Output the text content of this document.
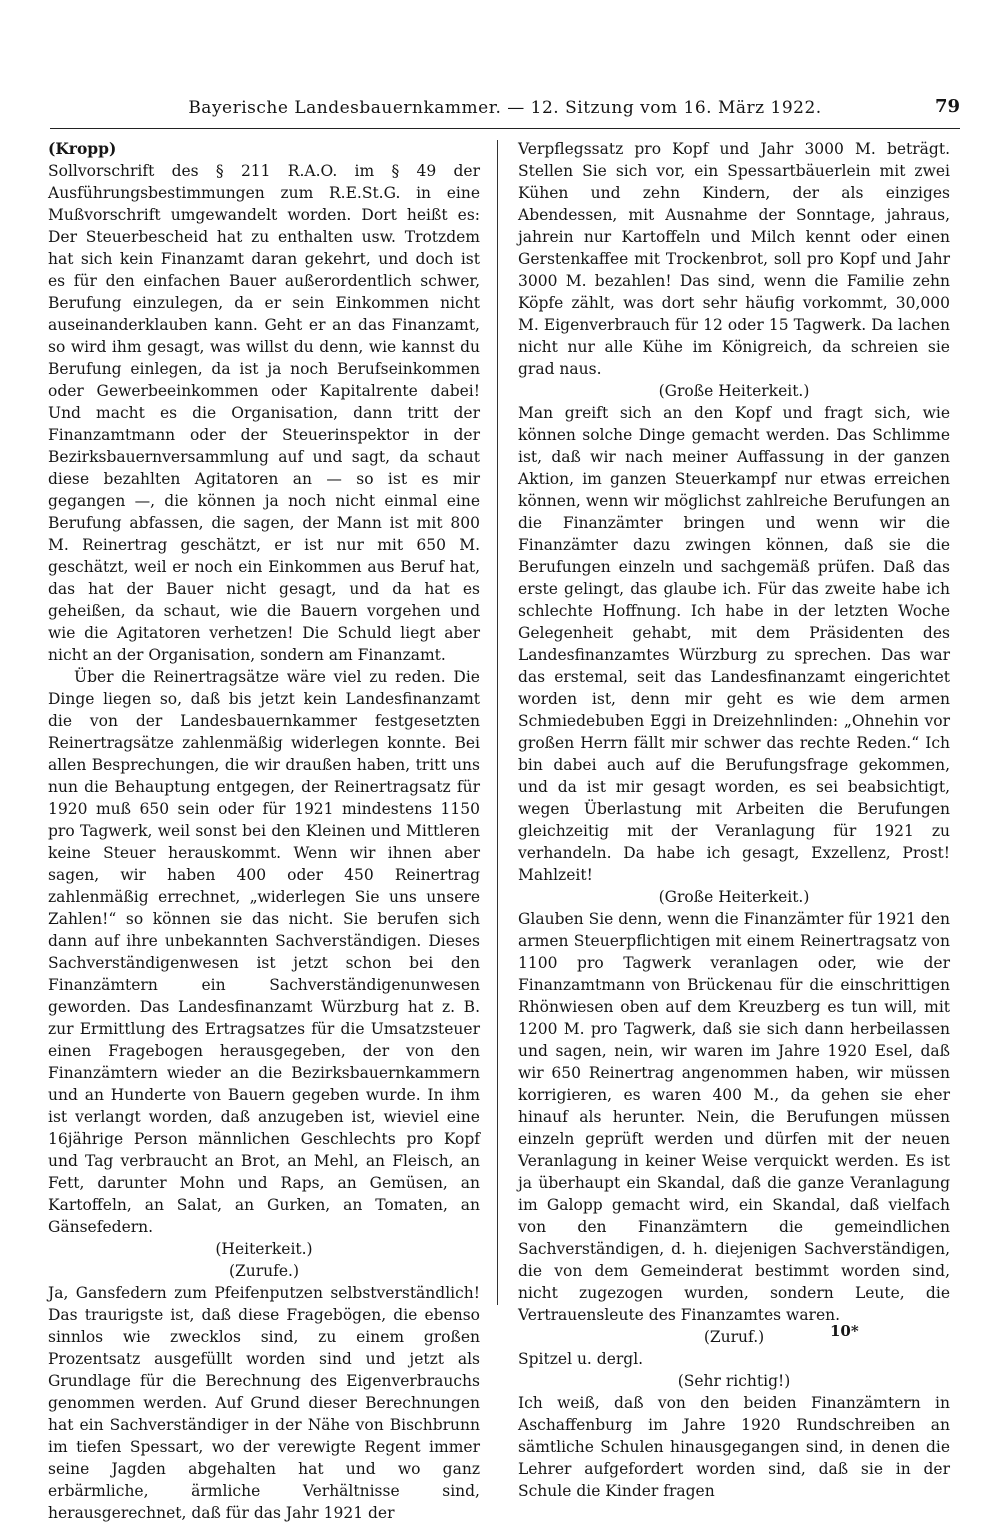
Bayerische Landesbauernkammer. — 12. Sitzung vom 16. März 1922.	79

(Kropp)

Sollvorschrift des § 211 R.A.O. im § 49 der Ausführungsbestimmungen zum R.E.St.G. in eine Mußvorschrift umgewandelt worden. Dort heißt es: Der Steuerbescheid hat zu enthalten usw. Trotzdem hat sich kein Finanzamt daran gekehrt, und doch ist es für den einfachen Bauer außerordentlich schwer, Berufung einzulegen, da er sein Einkommen nicht auseinanderklauben kann. Geht er an das Finanzamt, so wird ihm gesagt, was willst du denn, wie kannst du Berufung einlegen, da ist ja noch Berufseinkommen oder Gewerbeeinkommen oder Kapitalrente dabei! Und macht es die Organisation, dann tritt der Finanzamtmann oder der Steuerinspektor in der Bezirksbauernversammlung auf und sagt, da schaut diese bezahlten Agitatoren an — so ist es mir gegangen —, die können ja noch nicht einmal eine Berufung abfassen, die sagen, der Mann ist mit 800 M. Reinertrag geschätzt, er ist nur mit 650 M. geschätzt, weil er noch ein Einkommen aus Beruf hat, das hat der Bauer nicht gesagt, und da hat es geheißen, da schaut, wie die Bauern vorgehen und wie die Agitatoren verhetzen! Die Schuld liegt aber nicht an der Organisation, sondern am Finanzamt.

Über die Reinertragsätze wäre viel zu reden. Die Dinge liegen so, daß bis jetzt kein Landesfinanzamt die von der Landesbauernkammer festgesetzten Reinertragsätze zahlenmäßig widerlegen konnte. Bei allen Besprechungen, die wir draußen haben, tritt uns nun die Behauptung entgegen, der Reinertragsatz für 1920 muß 650 sein oder für 1921 mindestens 1150 pro Tagwerk, weil sonst bei den Kleinen und Mittleren keine Steuer herauskommt. Wenn wir ihnen aber sagen, wir haben 400 oder 450 Reinertrag zahlenmäßig errechnet, „widerlegen Sie uns unsere Zahlen!“ so können sie das nicht. Sie berufen sich dann auf ihre unbekannten Sachverständigen. Dieses Sachverständigenwesen ist jetzt schon bei den Finanzämtern ein Sachverständigenunwesen geworden. Das Landesfinanzamt Würzburg hat z. B. zur Ermittlung des Ertragsatzes für die Umsatzsteuer einen Fragebogen herausgegeben, der von den Finanzämtern wieder an die Bezirksbauernkammern und an Hunderte von Bauern gegeben wurde. In ihm ist verlangt worden, daß anzugeben ist, wieviel eine 16jährige Person männlichen Geschlechts pro Kopf und Tag verbraucht an Brot, an Mehl, an Fleisch, an Fett, darunter Mohn und Raps, an Gemüsen, an Kartoffeln, an Salat, an Gurken, an Tomaten, an Gänsefedern.

(Heiterkeit.)

(Zurufe.)

Ja, Gansfedern zum Pfeifenputzen selbstverständlich! Das traurigste ist, daß diese Fragebögen, die ebenso sinnlos wie zwecklos sind, zu einem großen Prozentsatz ausgefüllt worden sind und jetzt als Grundlage für die Berechnung des Eigenverbrauchs genommen werden. Auf Grund dieser Berechnungen hat ein Sachverständiger in der Nähe von Bischbrunn im tiefen Spessart, wo der verewigte Regent immer seine Jagden abgehalten hat und wo ganz erbärmliche, ärmliche Verhältnisse sind, herausgerechnet, daß für das Jahr 1921 der

Verpflegssatz pro Kopf und Jahr 3000 M. beträgt. Stellen Sie sich vor, ein Spessartbäuerlein mit zwei Kühen und zehn Kindern, der als einziges Abendessen, mit Ausnahme der Sonntage, jahraus, jahrein nur Kartoffeln und Milch kennt oder einen Gerstenkaffee mit Trockenbrot, soll pro Kopf und Jahr 3000 M. bezahlen! Das sind, wenn die Familie zehn Köpfe zählt, was dort sehr häufig vorkommt, 30,000 M. Eigenverbrauch für 12 oder 15 Tagwerk. Da lachen nicht nur alle Kühe im Königreich, da schreien sie grad naus.

(Große Heiterkeit.)

Man greift sich an den Kopf und fragt sich, wie können solche Dinge gemacht werden. Das Schlimme ist, daß wir nach meiner Auffassung in der ganzen Aktion, im ganzen Steuerkampf nur etwas erreichen können, wenn wir möglichst zahlreiche Berufungen an die Finanzämter bringen und wenn wir die Finanzämter dazu zwingen können, daß sie die Berufungen einzeln und sachgemäß prüfen. Daß das erste gelingt, das glaube ich. Für das zweite habe ich schlechte Hoffnung. Ich habe in der letzten Woche Gelegenheit gehabt, mit dem Präsidenten des Landesfinanzamtes Würzburg zu sprechen. Das war das erstemal, seit das Landesfinanzamt eingerichtet worden ist, denn mir geht es wie dem armen Schmiedebuben Eggi in Dreizehnlinden: „Ohnehin vor großen Herrn fällt mir schwer das rechte Reden.“ Ich bin dabei auch auf die Berufungsfrage gekommen, und da ist mir gesagt worden, es sei beabsichtigt, wegen Überlastung mit Arbeiten die Berufungen gleichzeitig mit der Veranlagung für 1921 zu verhandeln. Da habe ich gesagt, Exzellenz, Prost! Mahlzeit!

(Große Heiterkeit.)

Glauben Sie denn, wenn die Finanzämter für 1921 den armen Steuerpflichtigen mit einem Reinertragsatz von 1100 pro Tagwerk veranlagen oder, wie der Finanzamtmann von Brückenau für die einschrittigen Rhönwiesen oben auf dem Kreuzberg es tun will, mit 1200 M. pro Tagwerk, daß sie sich dann herbeilassen und sagen, nein, wir waren im Jahre 1920 Esel, daß wir 650 Reinertrag angenommen haben, wir müssen korrigieren, es waren 400 M., da gehen sie eher hinauf als herunter. Nein, die Berufungen müssen einzeln geprüft werden und dürfen mit der neuen Veranlagung in keiner Weise verquickt werden. Es ist ja überhaupt ein Skandal, daß die ganze Veranlagung im Galopp gemacht wird, ein Skandal, daß vielfach von den Finanzämtern die gemeindlichen Sachverständigen, d. h. diejenigen Sachverständigen, die von dem Gemeinderat bestimmt worden sind, nicht zugezogen wurden, sondern Leute, die Vertrauensleute des Finanzamtes waren.

(Zuruf.)

Spitzel u. dergl.

(Sehr richtig!)

Ich weiß, daß von den beiden Finanzämtern in Aschaffenburg im Jahre 1920 Rundschreiben an sämtliche Schulen hinausgegangen sind, in denen die Lehrer aufgefordert worden sind, daß sie in der Schule die Kinder fragen

10*
